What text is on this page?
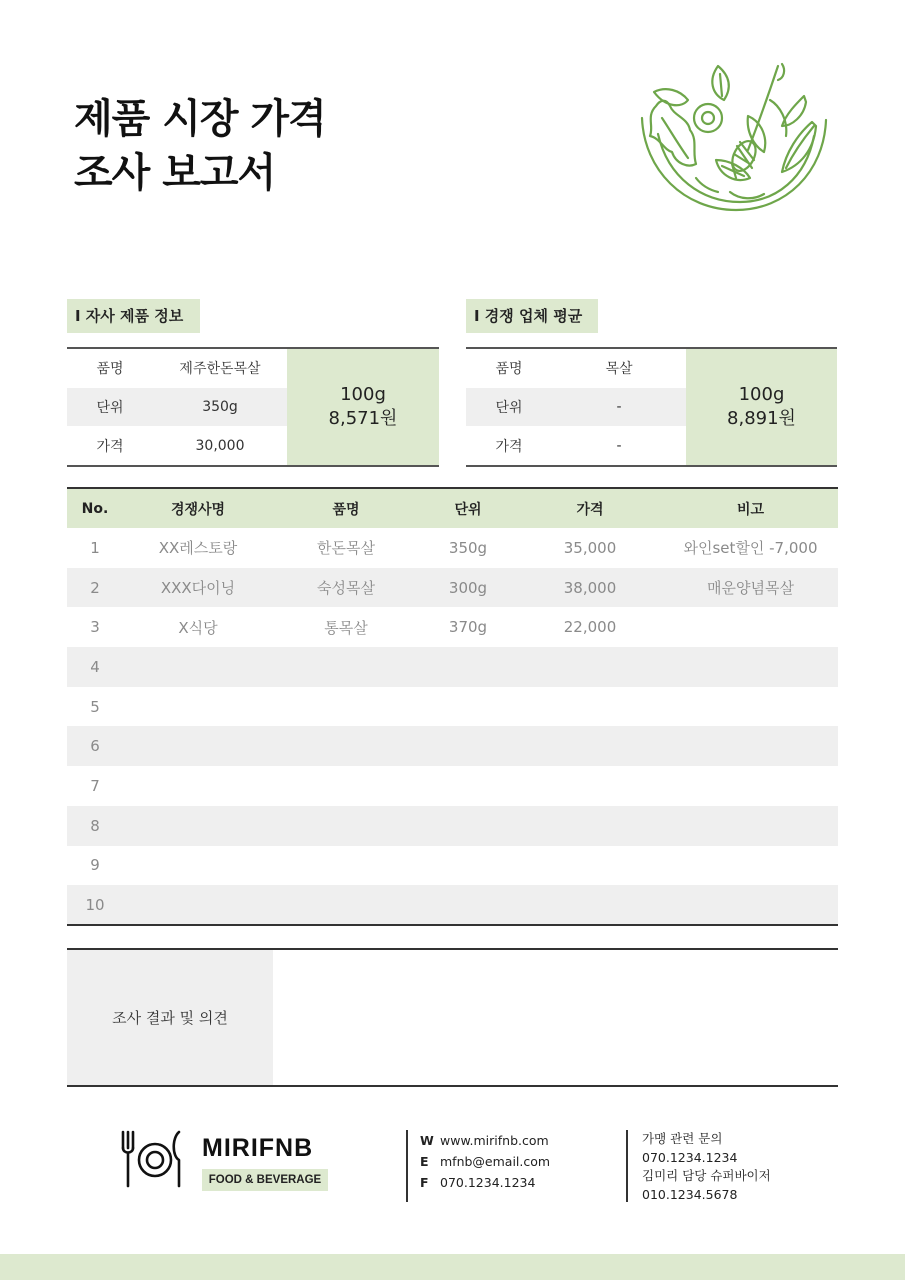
제품 시장 가격
조사 보고서
I 자사 제품 정보	I 경쟁 업체 평균
품명	제주한돈목살
단위	350g
가격	30,000
100g
8,571원
품명	목살
단위	-
가격	-
100g
8,891원
No.	경쟁사명	품명	단위	가격	비고
1	XX레스토랑	한돈목살	350g	35,000	와인set할인 -7,000
2	XXX다이닝	숙성목살	300g	38,000	매운양념목살
3	X식당	통목살	370g	22,000	
4					
5					
6					
7					
8					
9					
10					
조사 결과 및 의견
MIRIFNB
FOOD & BEVERAGE
W www.mirifnb.com
E mfnb@email.com
F 070.1234.1234
가맹 관련 문의
070.1234.1234
김미리 담당 슈퍼바이저
010.1234.5678
